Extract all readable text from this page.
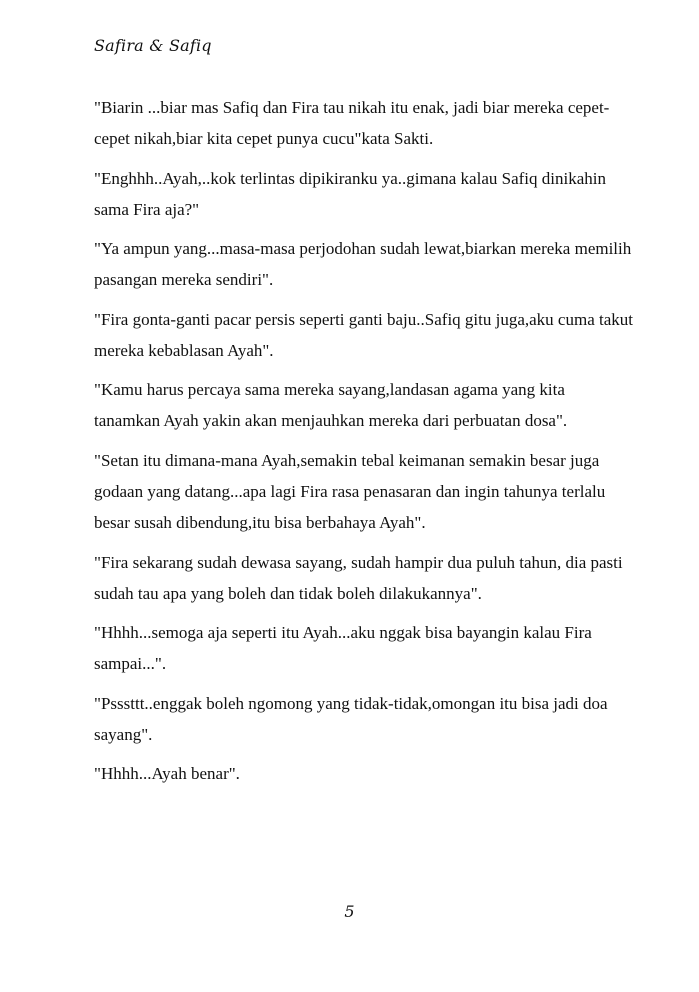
Safira & Safiq

"Biarin ...biar mas Safiq dan Fira tau nikah itu enak, jadi biar mereka cepet-cepet nikah,biar kita cepet punya cucu"kata Sakti.

"Enghhh..Ayah,..kok terlintas dipikiranku ya..gimana kalau Safiq dinikahin sama Fira aja?"

"Ya ampun yang...masa-masa perjodohan sudah lewat,biarkan mereka memilih pasangan mereka sendiri".

"Fira gonta-ganti pacar persis seperti ganti baju..Safiq gitu juga,aku cuma takut mereka kebablasan Ayah".

"Kamu harus percaya sama mereka sayang,landasan agama yang kita tanamkan Ayah yakin akan menjauhkan mereka dari perbuatan dosa".

"Setan itu dimana-mana Ayah,semakin tebal keimanan semakin besar juga godaan yang datang...apa lagi Fira rasa penasaran dan ingin tahunya terlalu besar susah dibendung,itu bisa berbahaya Ayah".

"Fira sekarang sudah dewasa sayang, sudah hampir dua puluh tahun, dia pasti sudah tau apa yang boleh dan tidak boleh dilakukannya".

"Hhhh...semoga aja seperti itu Ayah...aku nggak bisa bayangin kalau Fira sampai...".

"Psssttt..enggak boleh ngomong yang tidak-tidak,omongan itu bisa jadi doa sayang".

"Hhhh...Ayah benar".

5
